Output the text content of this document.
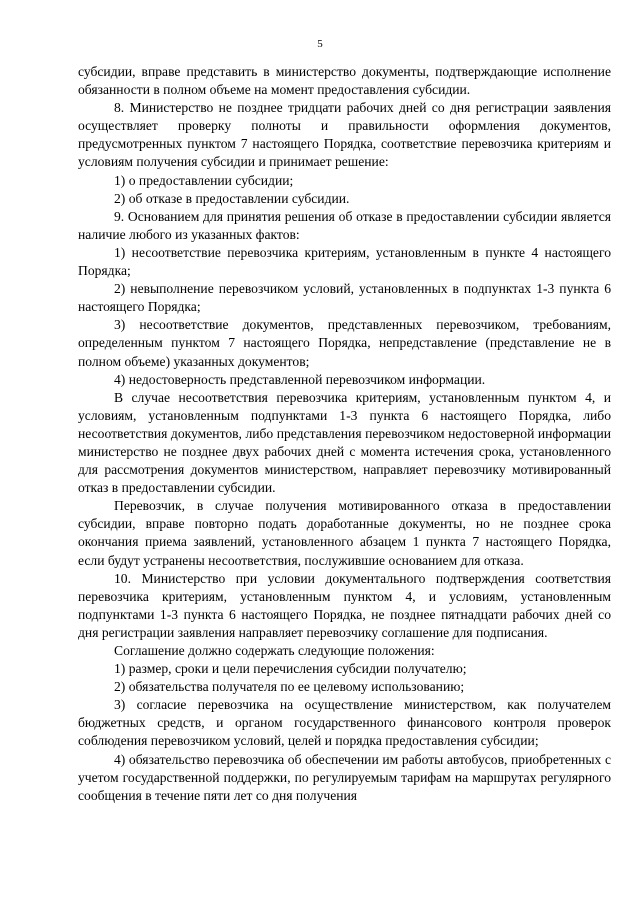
5

субсидии, вправе представить в министерство документы, подтверждающие исполнение обязанности в полном объеме на момент предоставления субсидии.

8. Министерство не позднее тридцати рабочих дней со дня регистрации заявления осуществляет проверку полноты и правильности оформления документов, предусмотренных пунктом 7 настоящего Порядка, соответствие перевозчика критериям и условиям получения субсидии и принимает решение:

1) о предоставлении субсидии;

2) об отказе в предоставлении субсидии.

9. Основанием для принятия решения об отказе в предоставлении субсидии является наличие любого из указанных фактов:

1) несоответствие перевозчика критериям, установленным в пункте 4 настоящего Порядка;

2) невыполнение перевозчиком условий, установленных в подпунктах 1-3 пункта 6 настоящего Порядка;

3) несоответствие документов, представленных перевозчиком, требованиям, определенным пунктом 7 настоящего Порядка, непредставление (представление не в полном объеме) указанных документов;

4) недостоверность представленной перевозчиком информации.

В случае несоответствия перевозчика критериям, установленным пунктом 4, и условиям, установленным подпунктами 1-3 пункта 6 настоящего Порядка, либо несоответствия документов, либо представления перевозчиком недостоверной информации министерство не позднее двух рабочих дней с момента истечения срока, установленного для рассмотрения документов министерством, направляет перевозчику мотивированный отказ в предоставлении субсидии.

Перевозчик, в случае получения мотивированного отказа в предоставлении субсидии, вправе повторно подать доработанные документы, но не позднее срока окончания приема заявлений, установленного абзацем 1 пункта 7 настоящего Порядка, если будут устранены несоответствия, послужившие основанием для отказа.

10. Министерство при условии документального подтверждения соответствия перевозчика критериям, установленным пунктом 4, и условиям, установленным подпунктами 1-3 пункта 6 настоящего Порядка, не позднее пятнадцати рабочих дней со дня регистрации заявления направляет перевозчику соглашение для подписания.

Соглашение должно содержать следующие положения:

1) размер, сроки и цели перечисления субсидии получателю;

2) обязательства получателя по ее целевому использованию;

3) согласие перевозчика на осуществление министерством, как получателем бюджетных средств, и органом государственного финансового контроля проверок соблюдения перевозчиком условий, целей и порядка предоставления субсидии;

4) обязательство перевозчика об обеспечении им работы автобусов, приобретенных с учетом государственной поддержки, по регулируемым тарифам на маршрутах регулярного сообщения в течение пяти лет со дня получения
